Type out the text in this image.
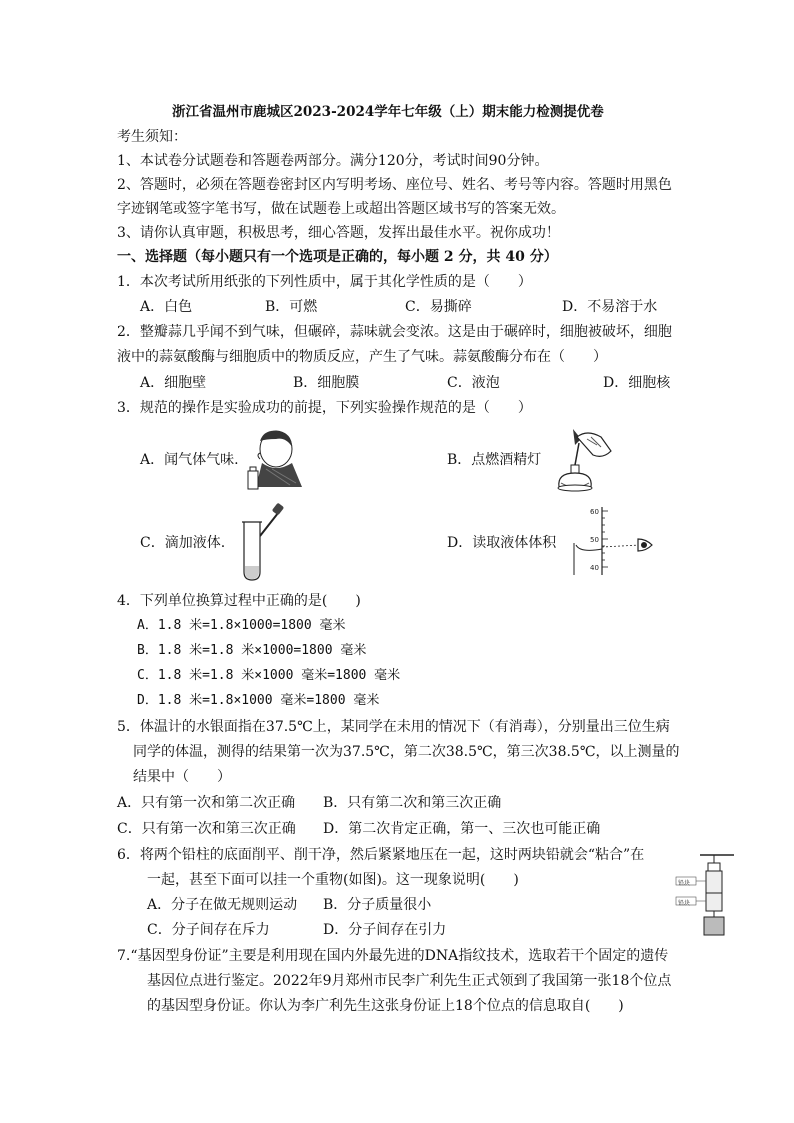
浙江省温州市鹿城区2023-2024学年七年级（上）期末能力检测提优卷
考生须知：
1、本试卷分试题卷和答题卷两部分。满分120分，考试时间90分钟。
2、答题时，必须在答题卷密封区内写明考场、座位号、姓名、考号等内容。答题时用黑色
字迹钢笔或签字笔书写，做在试题卷上或超出答题区域书写的答案无效。
3、请你认真审题，积极思考，细心答题，发挥出最佳水平。祝你成功！
一、选择题（每小题只有一个选项是正确的，每小题 2 分，共 40 分）
1．本次考试所用纸张的下列性质中，属于其化学性质的是（　　）
A．白色	B．可燃	C．易撕碎	D．不易溶于水
2．整瓣蒜几乎闻不到气味，但碾碎，蒜味就会变浓。这是由于碾碎时，细胞被破坏，细胞
液中的蒜氨酸酶与细胞质中的物质反应，产生了气味。蒜氨酸酶分布在（　　）
A．细胞壁	B．细胞膜	C．液泡	D．细胞核
3．规范的操作是实验成功的前提，下列实验操作规范的是（　　）
A．闻气体气味.	B．点燃酒精灯
C．滴加液体.	D．读取液体体积
60
50
40
4．下列单位换算过程中正确的是(　　)
A．1.8 米=1.8×1000=1800 毫米
B．1.8 米=1.8 米×1000=1800 毫米
C．1.8 米=1.8 米×1000 毫米=1800 毫米
D．1.8 米=1.8×1000 毫米=1800 毫米
5．体温计的水银面指在37.5℃上，某同学在未用的情况下（有消毒），分别量出三位生病
同学的体温，测得的结果第一次为37.5℃，第二次38.5℃，第三次38.5℃，以上测量的
结果中（　　）
A．只有第一次和第二次正确 B．只有第二次和第三次正确
C．只有第一次和第三次正确 D．第二次肯定正确，第一、三次也可能正确
6．将两个铅柱的底面削平、削干净，然后紧紧地压在一起，这时两块铅就会“粘合”在
一起，甚至下面可以挂一个重物(如图)。这一现象说明(　　)
A．分子在做无规则运动 B．分子质量很小
C．分子间存在斥力	D．分子间存在引力
铅块
铅块
7.“基因型身份证”主要是利用现在国内外最先进的DNA指纹技术，选取若干个固定的遗传
基因位点进行鉴定。2022年9月郑州市民李广利先生正式领到了我国第一张18个位点
的基因型身份证。你认为李广利先生这张身份证上18个位点的信息取自(　　)
